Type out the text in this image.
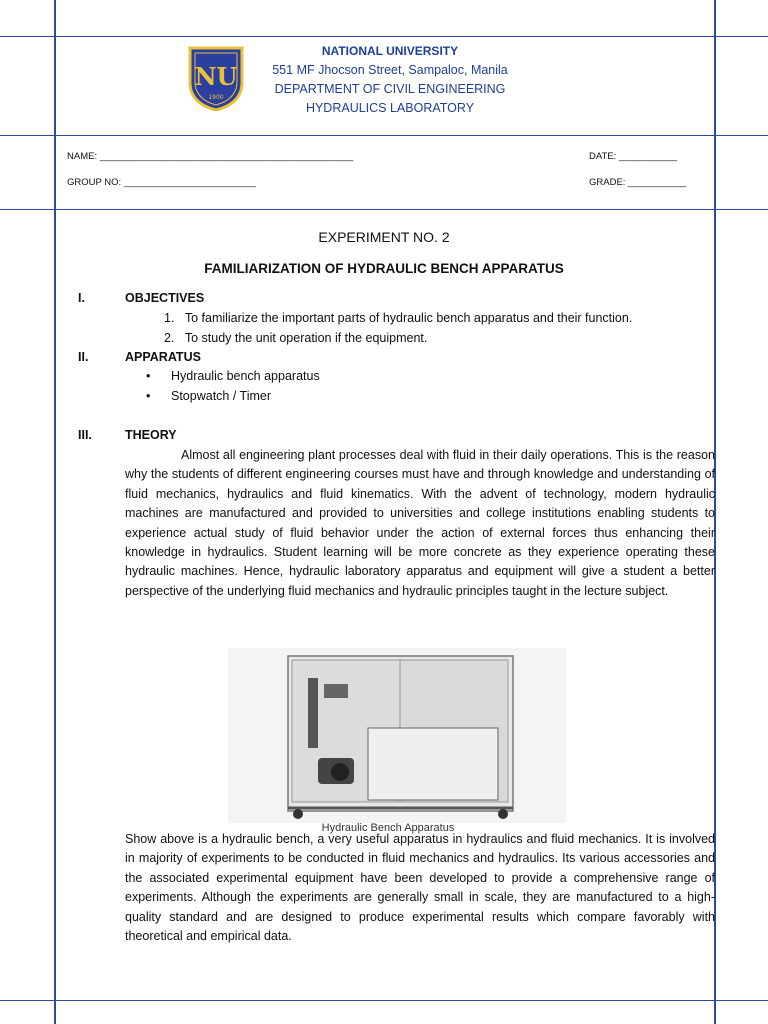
NU
1900
NATIONAL UNIVERSITY
551 MF Jhocson Street, Sampaloc, Manila
DEPARTMENT OF CIVIL ENGINEERING
HYDRAULICS LABORATORY
NAME: ________________________________________________	DATE: ___________
GROUP NO: _________________________	GRADE: ___________
EXPERIMENT NO. 2
FAMILIARIZATION OF HYDRAULIC BENCH APPARATUS
I.	OBJECTIVES
1.   To familiarize the important parts of hydraulic bench apparatus and their function.
2.   To study the unit operation if the equipment.
II.	APPARATUS
• Hydraulic bench apparatus
• Stopwatch / Timer
III.	THEORY
Almost all engineering plant processes deal with fluid in their daily operations. This is the reason why the students of different engineering courses must have and through knowledge and understanding of fluid mechanics, hydraulics and fluid kinematics. With the advent of technology, modern hydraulic machines are manufactured and provided to universities and college institutions enabling students to experience actual study of fluid behavior under the action of external forces thus enhancing their knowledge in hydraulics. Student learning will be more concrete as they experience operating these hydraulic machines. Hence, hydraulic laboratory apparatus and equipment will give a student a better perspective of the underlying fluid mechanics and hydraulic principles taught in the lecture subject.
Hydraulic Bench Apparatus
Show above is a hydraulic bench, a very useful apparatus in hydraulics and fluid mechanics. It is involved in majority of experiments to be conducted in fluid mechanics and hydraulics. Its various accessories and the associated experimental equipment have been developed to provide a comprehensive range of experiments. Although the experiments are generally small in scale, they are manufactured to a high-quality standard and are designed to produce experimental results which compare favorably with theoretical and empirical data.
